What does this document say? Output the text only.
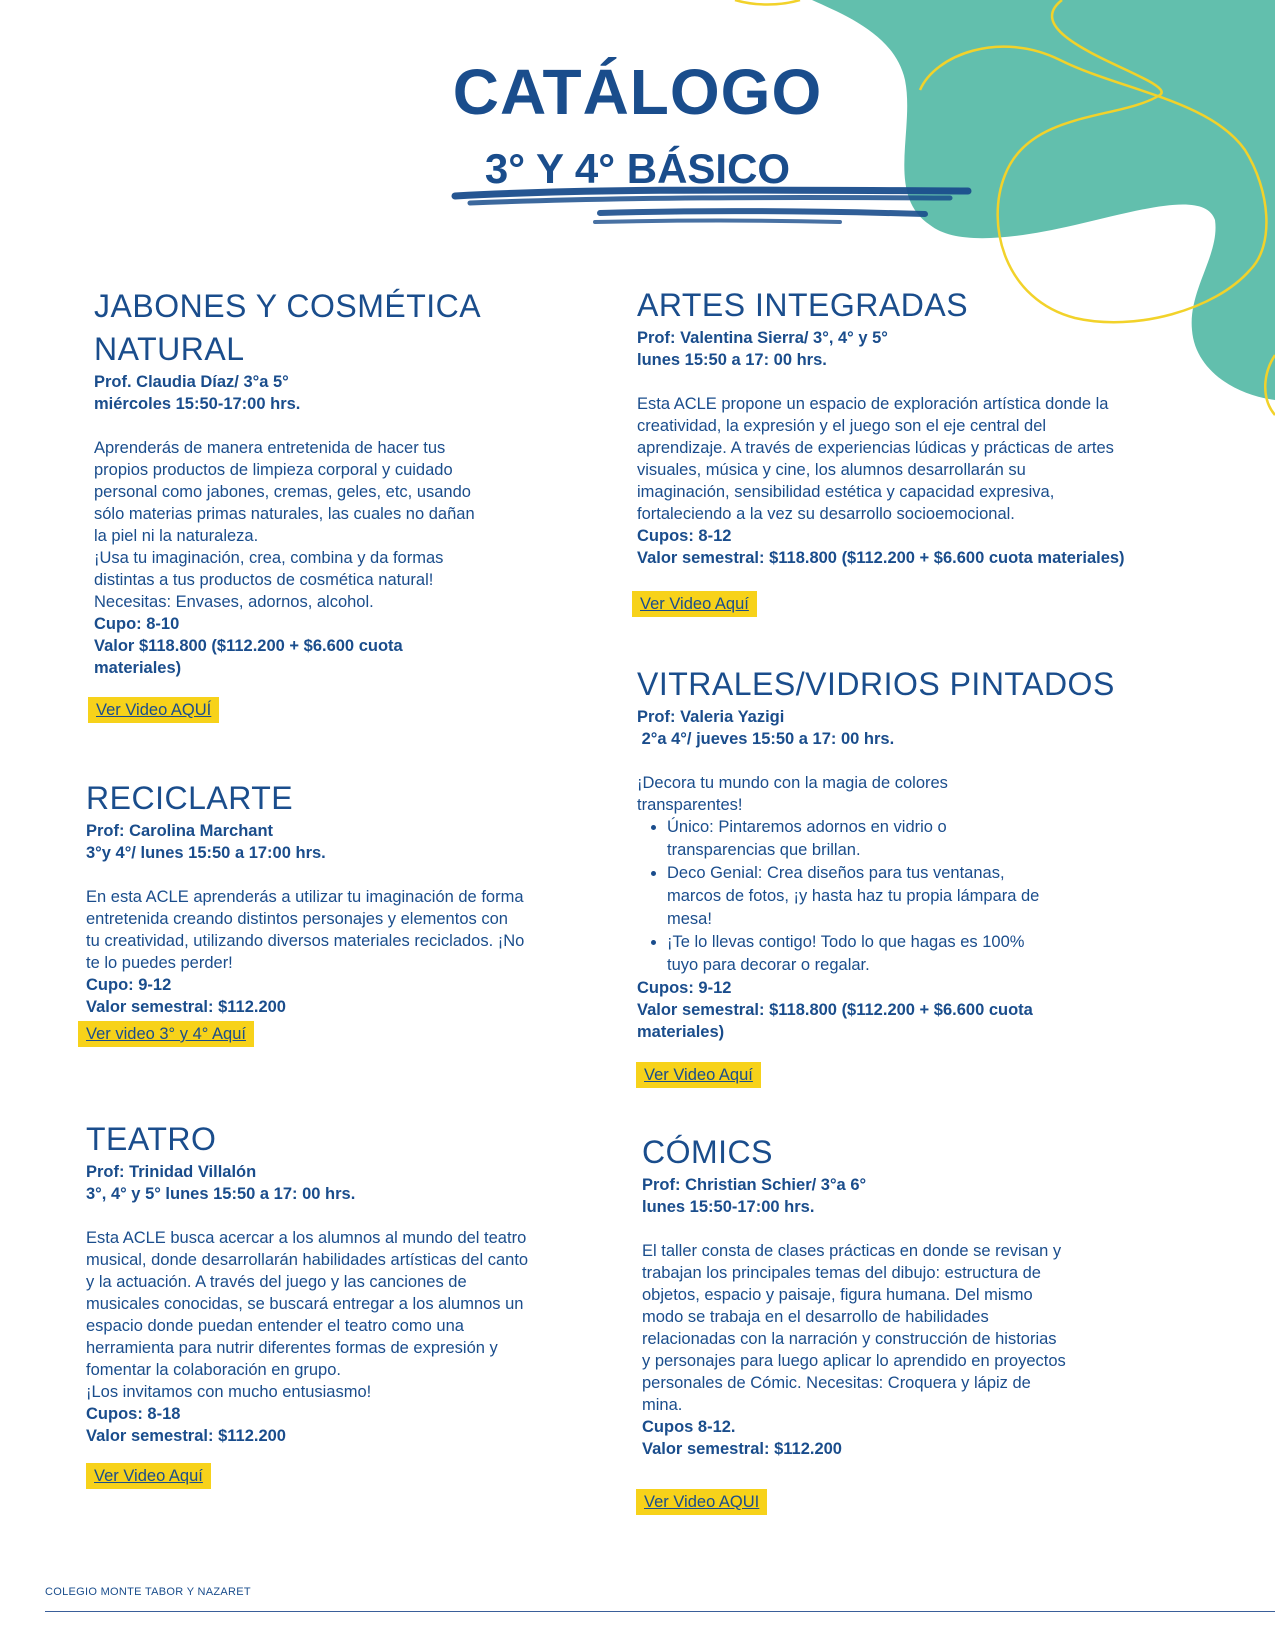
CATÁLOGO
3° Y 4° BÁSICO
JABONES Y COSMÉTICA
NATURAL
Prof. Claudia Díaz/ 3°a 5°
miércoles 15:50-17:00 hrs.
Aprenderás de manera entretenida de hacer tus
propios productos de limpieza corporal y cuidado
personal como jabones, cremas, geles, etc, usando
sólo materias primas naturales, las cuales no dañan
la piel ni la naturaleza.
¡Usa tu imaginación, crea, combina y da formas
distintas a tus productos de cosmética natural!
Necesitas: Envases, adornos, alcohol.
Cupo: 8-10
Valor $118.800 ($112.200 + $6.600 cuota
materiales)
Ver Video AQUÍ
RECICLARTE
Prof: Carolina Marchant
3°y 4°/ lunes 15:50 a 17:00 hrs.
En esta ACLE aprenderás a utilizar tu imaginación de forma
entretenida creando distintos personajes y elementos con
tu creatividad, utilizando diversos materiales reciclados. ¡No
te lo puedes perder!
Cupo: 9-12
Valor semestral: $112.200
Ver video 3° y 4° Aquí
TEATRO
Prof: Trinidad Villalón
3°, 4° y 5° lunes 15:50 a 17: 00 hrs.
Esta ACLE busca acercar a los alumnos al mundo del teatro
musical, donde desarrollarán habilidades artísticas del canto
y la actuación. A través del juego y las canciones de
musicales conocidas, se buscará entregar a los alumnos un
espacio donde puedan entender el teatro como una
herramienta para nutrir diferentes formas de expresión y
fomentar la colaboración en grupo.
¡Los invitamos con mucho entusiasmo!
Cupos: 8-18
Valor semestral: $112.200
Ver Video Aquí
ARTES INTEGRADAS
Prof: Valentina Sierra/ 3°, 4° y 5°
lunes 15:50 a 17: 00 hrs.
Esta ACLE propone un espacio de exploración artística donde la
creatividad, la expresión y el juego son el eje central del
aprendizaje. A través de experiencias lúdicas y prácticas de artes
visuales, música y cine, los alumnos desarrollarán su
imaginación, sensibilidad estética y capacidad expresiva,
fortaleciendo a la vez su desarrollo socioemocional.
Cupos: 8-12
Valor semestral: $118.800 ($112.200 + $6.600 cuota materiales)
Ver Video Aquí
VITRALES/VIDRIOS PINTADOS
Prof: Valeria Yazigi
2°a 4°/ jueves 15:50 a 17: 00 hrs.
¡Decora tu mundo con la magia de colores
transparentes!
• Único: Pintaremos adornos en vidrio o
transparencias que brillan.
• Deco Genial: Crea diseños para tus ventanas,
marcos de fotos, ¡y hasta haz tu propia lámpara de
mesa!
• ¡Te lo llevas contigo! Todo lo que hagas es 100%
tuyo para decorar o regalar.
Cupos: 9-12
Valor semestral: $118.800 ($112.200 + $6.600 cuota
materiales)
Ver Video Aquí
CÓMICS
Prof: Christian Schier/ 3°a 6°
lunes 15:50-17:00 hrs.
El taller consta de clases prácticas en donde se revisan y
trabajan los principales temas del dibujo: estructura de
objetos, espacio y paisaje, figura humana. Del mismo
modo se trabaja en el desarrollo de habilidades
relacionadas con la narración y construcción de historias
y personajes para luego aplicar lo aprendido en proyectos
personales de Cómic. Necesitas: Croquera y lápiz de
mina.
Cupos 8-12.
Valor semestral: $112.200
Ver Video AQUI
COLEGIO MONTE TABOR Y NAZARET
